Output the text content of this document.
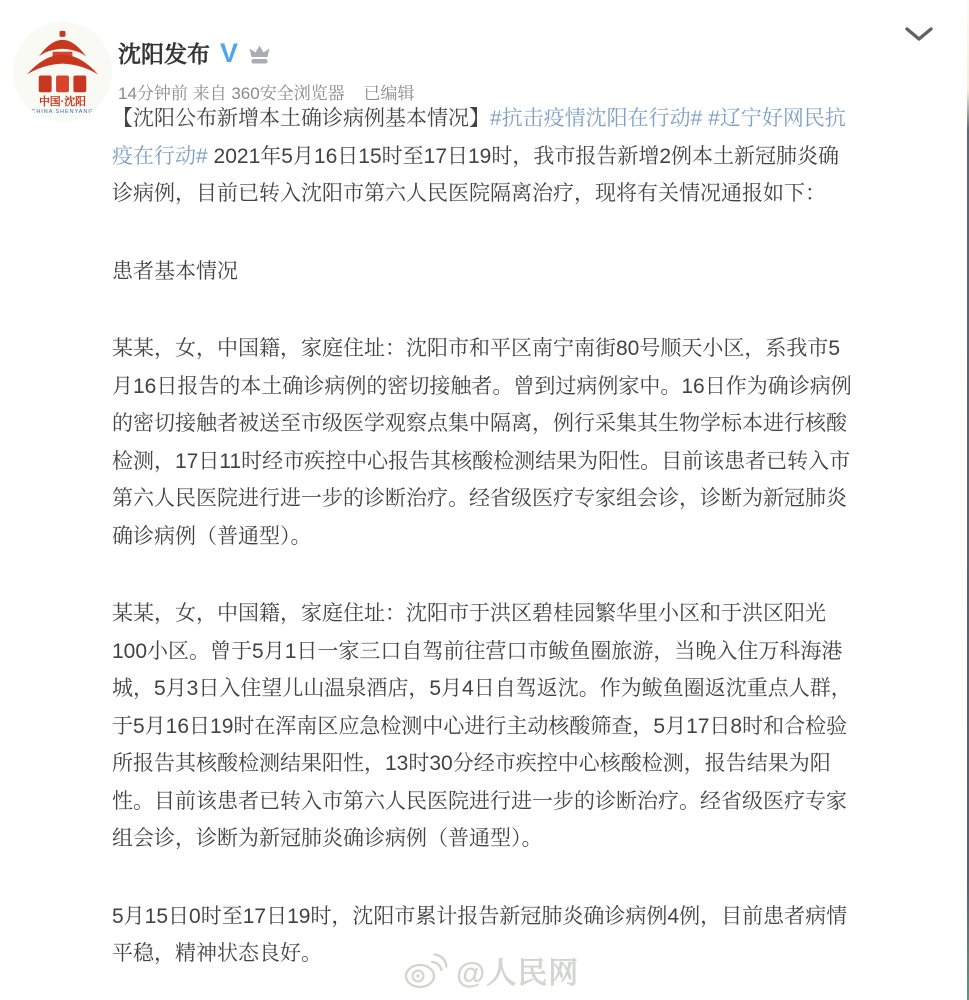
中国·沈阳
CHINA SHENYANG
沈阳发布 V
14分钟前 来自 360安全浏览器 已编辑

【沈阳公布新增本土确诊病例基本情况】#抗击疫情沈阳在行动# #辽宁好网民抗疫在行动# 2021年5月16日15时至17日19时，我市报告新增2例本土新冠肺炎确诊病例，目前已转入沈阳市第六人民医院隔离治疗，现将有关情况通报如下：

患者基本情况

某某，女，中国籍，家庭住址：沈阳市和平区南宁南街80号顺天小区，系我市5月16日报告的本土确诊病例的密切接触者。曾到过病例家中。16日作为确诊病例的密切接触者被送至市级医学观察点集中隔离，例行采集其生物学标本进行核酸检测，17日11时经市疾控中心报告其核酸检测结果为阳性。目前该患者已转入市第六人民医院进行进一步的诊断治疗。经省级医疗专家组会诊，诊断为新冠肺炎确诊病例（普通型）。

某某，女，中国籍，家庭住址：沈阳市于洪区碧桂园繁华里小区和于洪区阳光100小区。曾于5月1日一家三口自驾前往营口市鲅鱼圈旅游，当晚入住万科海港城，5月3日入住望儿山温泉酒店，5月4日自驾返沈。作为鲅鱼圈返沈重点人群，于5月16日19时在浑南区应急检测中心进行主动核酸筛查，5月17日8时和合检验所报告其核酸检测结果阳性，13时30分经市疾控中心核酸检测，报告结果为阳性。目前该患者已转入市第六人民医院进行进一步的诊断治疗。经省级医疗专家组会诊，诊断为新冠肺炎确诊病例（普通型）。

5月15日0时至17日19时，沈阳市累计报告新冠肺炎确诊病例4例，目前患者病情平稳，精神状态良好。

@人民网
